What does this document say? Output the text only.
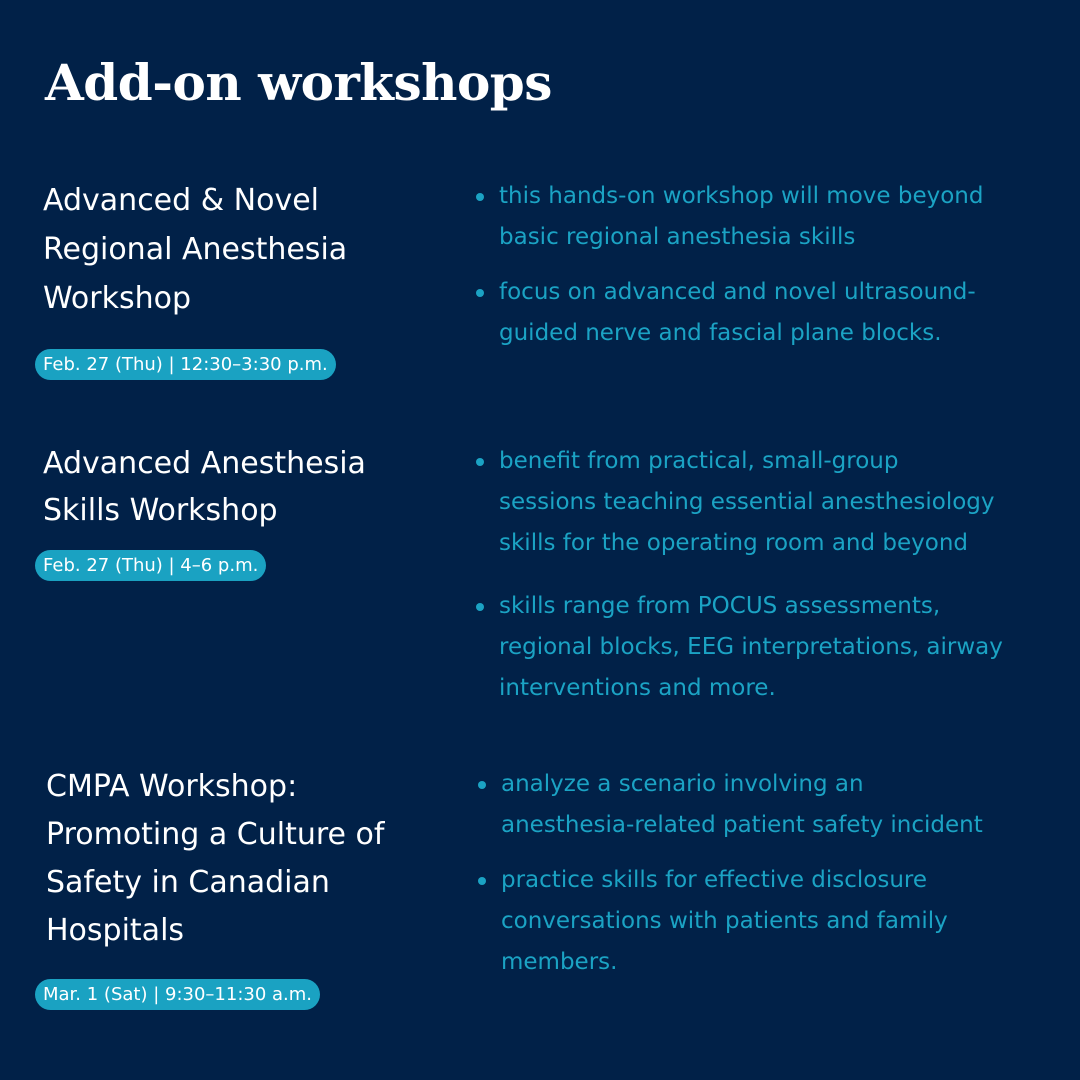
Add-on workshops
Advanced & Novel
Regional Anesthesia
Workshop
Feb. 27 (Thu) | 12:30–3:30 p.m.
this hands-on workshop will move beyond
basic regional anesthesia skills
focus on advanced and novel ultrasound-
guided nerve and fascial plane blocks.
Advanced Anesthesia
Skills Workshop
Feb. 27 (Thu) | 4–6 p.m.
benefit from practical, small-group
sessions teaching essential anesthesiology
skills for the operating room and beyond
skills range from POCUS assessments,
regional blocks, EEG interpretations, airway
interventions and more.
CMPA Workshop:
Promoting a Culture of
Safety in Canadian
Hospitals
Mar. 1 (Sat) | 9:30–11:30 a.m.
analyze a scenario involving an
anesthesia-related patient safety incident
practice skills for effective disclosure
conversations with patients and family
members.
